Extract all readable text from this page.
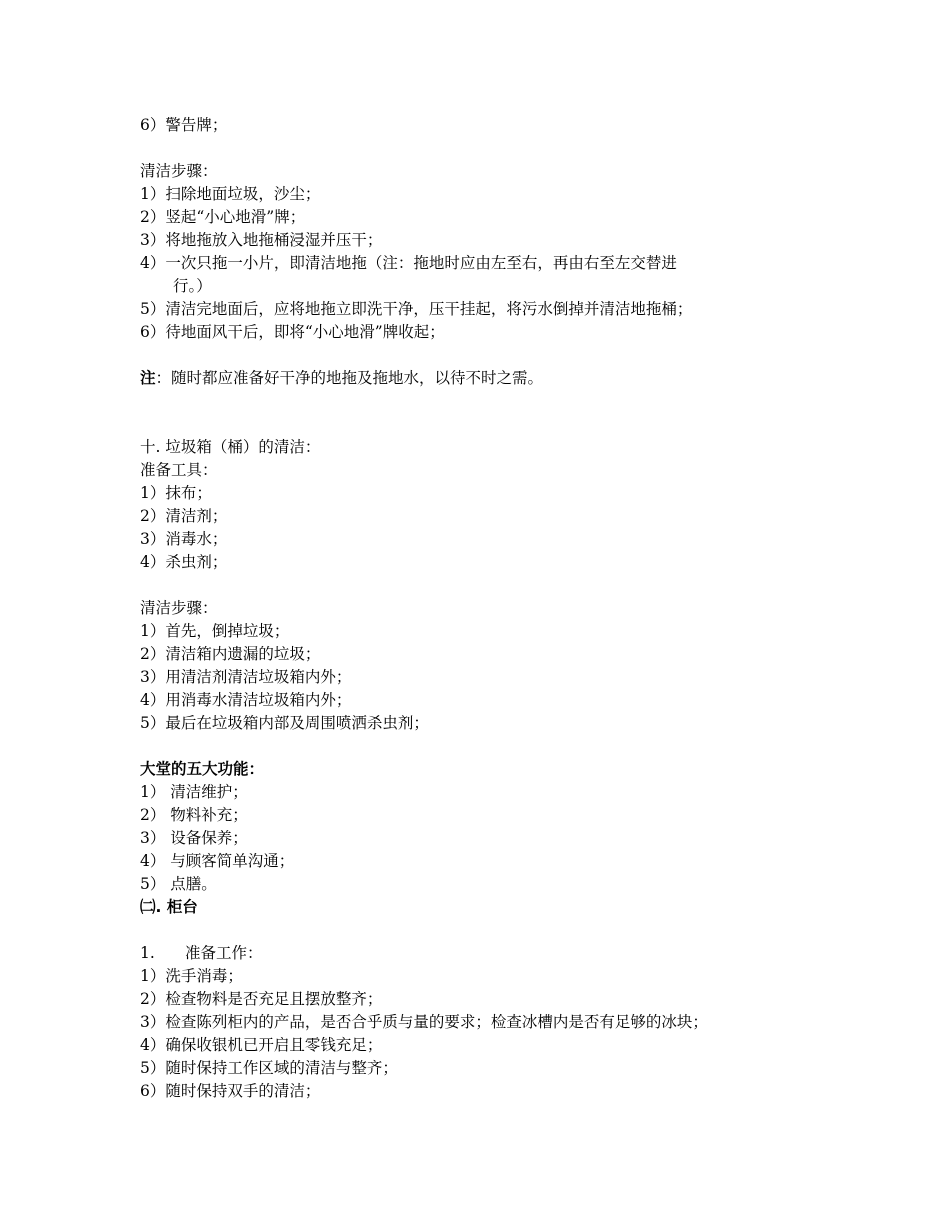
6）警告牌；
清洁步骤：
1）扫除地面垃圾，沙尘；
2）竖起“小心地滑”牌；
3）将地拖放入地拖桶浸湿并压干；
4）一次只拖一小片，即清洁地拖（注：拖地时应由左至右，再由右至左交替进
行。）
5）清洁完地面后，应将地拖立即洗干净，压干挂起，将污水倒掉并清洁地拖桶；
6）待地面风干后，即将“小心地滑”牌收起；
注：随时都应准备好干净的地拖及拖地水，以待不时之需。
十. 垃圾箱（桶）的清洁：
准备工具：
1）抹布；
2）清洁剂；
3）消毒水；
4）杀虫剂；
清洁步骤：
1）首先，倒掉垃圾；
2）清洁箱内遗漏的垃圾；
3）用清洁剂清洁垃圾箱内外；
4）用消毒水清洁垃圾箱内外；
5）最后在垃圾箱内部及周围喷洒杀虫剂；
大堂的五大功能：
1） 清洁维护；
2） 物料补充；
3） 设备保养；
4） 与顾客简单沟通；
5） 点膳。
㈡. 柜台
1. 准备工作：
1）洗手消毒；
2）检查物料是否充足且摆放整齐；
3）检查陈列柜内的产品，是否合乎质与量的要求；检查冰槽内是否有足够的冰块；
4）确保收银机已开启且零钱充足；
5）随时保持工作区域的清洁与整齐；
6）随时保持双手的清洁；
